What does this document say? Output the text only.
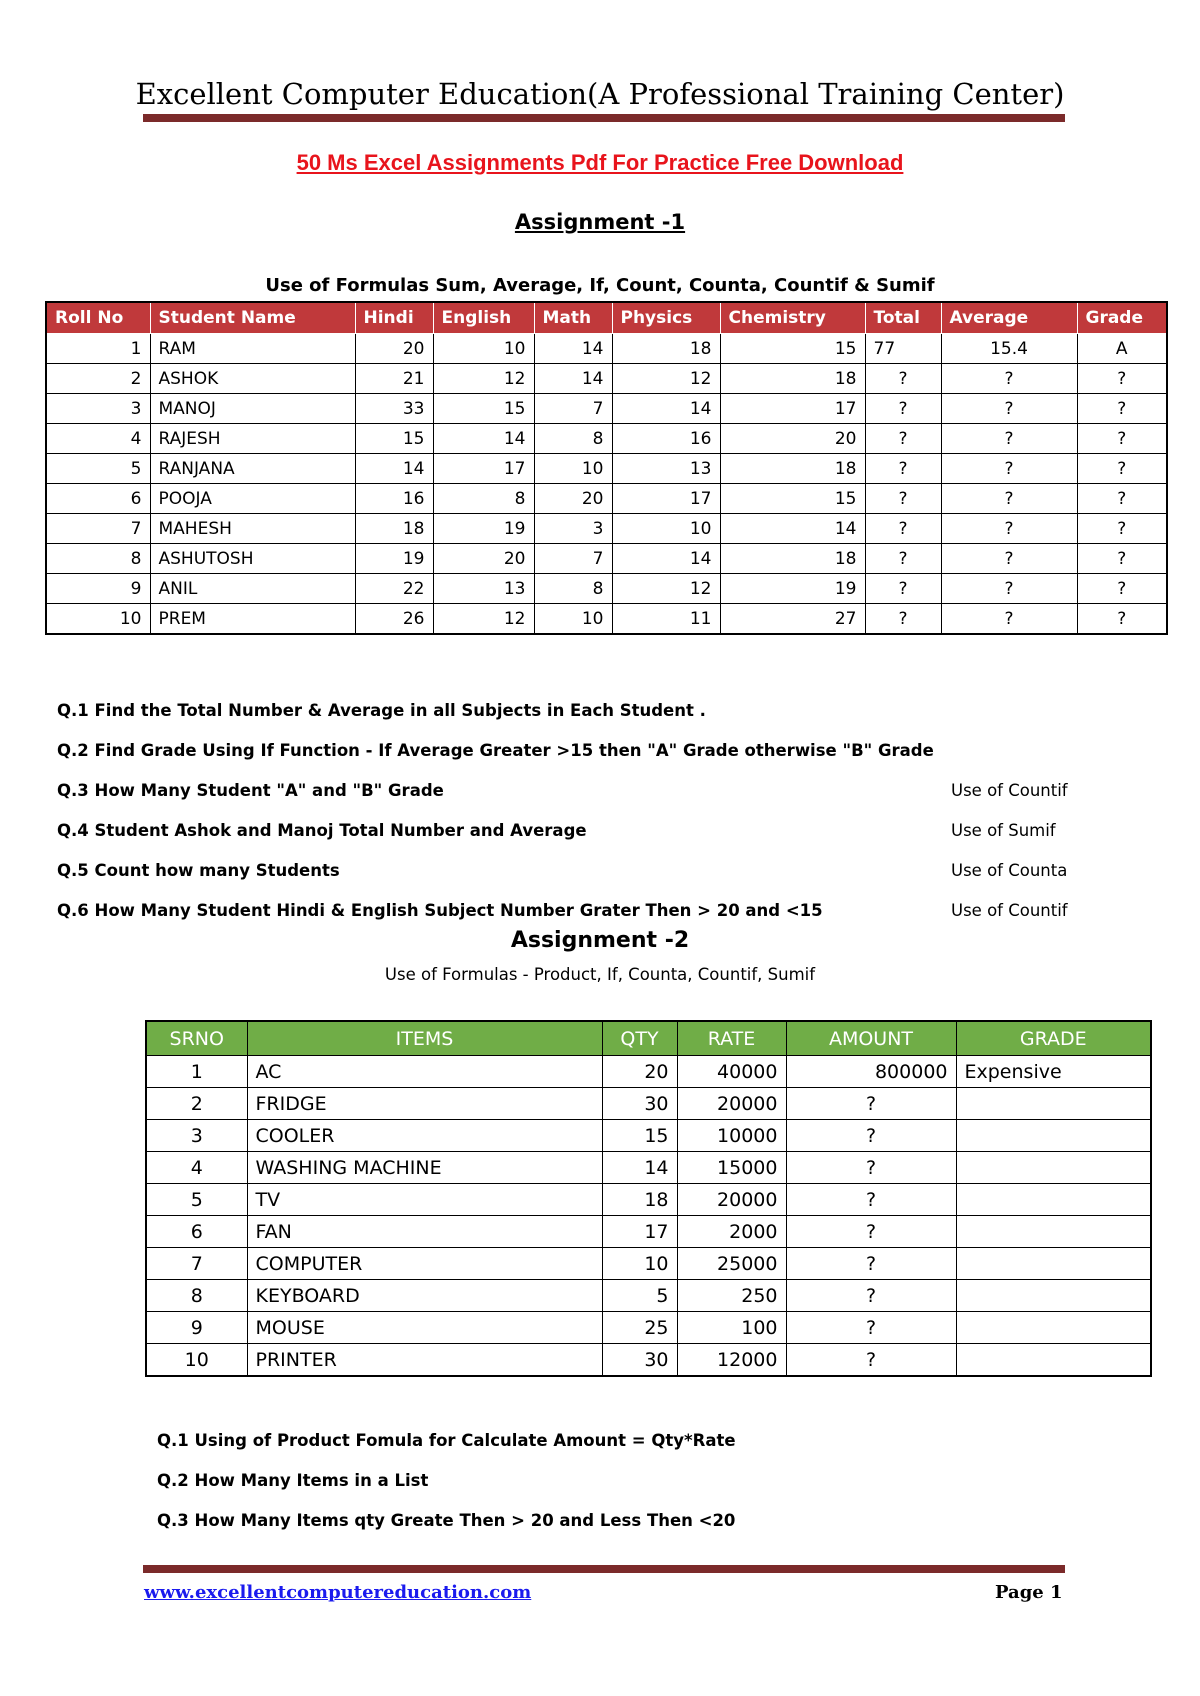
Excellent Computer Education(A Professional Training Center)
50 Ms Excel Assignments Pdf For Practice Free Download
Assignment -1
Use of Formulas Sum, Average, If, Count, Counta, Countif & Sumif
Roll No	Student Name	Hindi	English	Math	Physics	Chemistry	Total	Average	Grade
1	RAM	20	10	14	18	15	77	15.4	A
2	ASHOK	21	12	14	12	18	?	?	?
3	MANOJ	33	15	7	14	17	?	?	?
4	RAJESH	15	14	8	16	20	?	?	?
5	RANJANA	14	17	10	13	18	?	?	?
6	POOJA	16	8	20	17	15	?	?	?
7	MAHESH	18	19	3	10	14	?	?	?
8	ASHUTOSH	19	20	7	14	18	?	?	?
9	ANIL	22	13	8	12	19	?	?	?
10	PREM	26	12	10	11	27	?	?	?
Q.1 Find the Total Number & Average in all Subjects in Each Student .
Q.2 Find Grade Using If Function - If Average Greater >15 then "A" Grade otherwise "B" Grade
Q.3 How Many Student "A" and "B" Grade	Use of Countif
Q.4 Student Ashok and Manoj Total Number and Average	Use of Sumif
Q.5 Count how many Students	Use of Counta
Q.6 How Many Student Hindi & English Subject Number Grater Then > 20 and <15	Use of Countif
Assignment -2
Use of Formulas - Product, If, Counta, Countif, Sumif
SRNO	ITEMS	QTY	RATE	AMOUNT	GRADE
1	AC	20	40000	800000	Expensive
2	FRIDGE	30	20000	?	
3	COOLER	15	10000	?	
4	WASHING MACHINE	14	15000	?	
5	TV	18	20000	?	
6	FAN	17	2000	?	
7	COMPUTER	10	25000	?	
8	KEYBOARD	5	250	?	
9	MOUSE	25	100	?	
10	PRINTER	30	12000	?	
Q.1 Using of Product Fomula for Calculate Amount = Qty*Rate
Q.2 How Many Items in a List
Q.3 How Many Items qty Greate Then > 20 and Less Then <20
www.excellentcomputereducation.com	Page 1
